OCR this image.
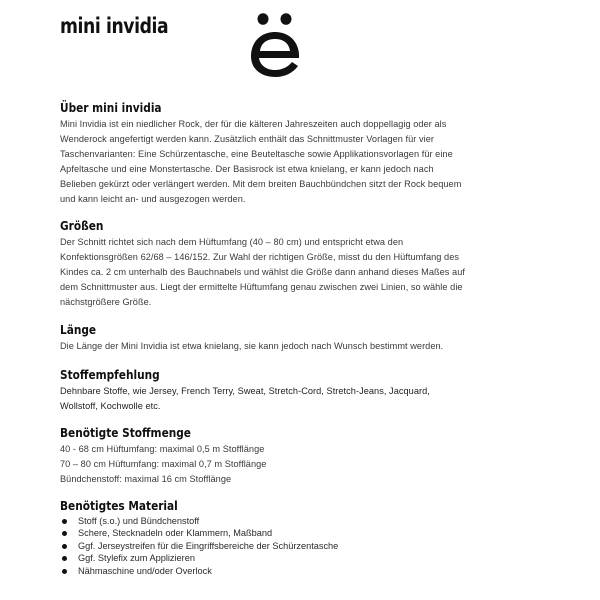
mini invidia
Über mini invidia

Mini Invidia ist ein niedlicher Rock, der für die kälteren Jahreszeiten auch doppellagig oder als

Wenderock angefertigt werden kann. Zusätzlich enthält das Schnittmuster Vorlagen für vier

Taschenvarianten: Eine Schürzentasche, eine Beuteltasche sowie Applikationsvorlagen für eine

Apfeltasche und eine Monstertasche. Der Basisrock ist etwa knielang, er kann jedoch nach

Belieben gekürzt oder verlängert werden. Mit dem breiten Bauchbündchen sitzt der Rock bequem

und kann leicht an- und ausgezogen werden.

Größen

Der Schnitt richtet sich nach dem Hüftumfang (40 – 80 cm) und entspricht etwa den

Konfektionsgrößen 62/68 – 146/152. Zur Wahl der richtigen Größe, misst du den Hüftumfang des

Kindes ca. 2 cm unterhalb des Bauchnabels und wählst die Größe dann anhand dieses Maßes auf

dem Schnittmuster aus. Liegt der ermittelte Hüftumfang genau zwischen zwei Linien, so wähle die

nächstgrößere Größe.

Länge

Die Länge der Mini Invidia ist etwa knielang, sie kann jedoch nach Wunsch bestimmt werden.

Stoffempfehlung

Dehnbare Stoffe, wie Jersey, French Terry, Sweat, Stretch-Cord, Stretch-Jeans, Jacquard,

Wollstoff, Kochwolle etc.

Benötigte Stoffmenge

40 - 68 cm Hüftumfang: maximal 0,5 m Stofflänge

70 – 80 cm Hüftumfang: maximal 0,7 m Stofflänge

Bündchenstoff: maximal 16 cm Stofflänge

Benötigtes Material
Stoff (s.o.) und Bündchenstoff
Schere, Stecknadeln oder Klammern, Maßband
Ggf. Jerseystreifen für die Eingriffsbereiche der Schürzentasche
Ggf. Stylefix zum Applizieren
Nähmaschine und/oder Overlock
